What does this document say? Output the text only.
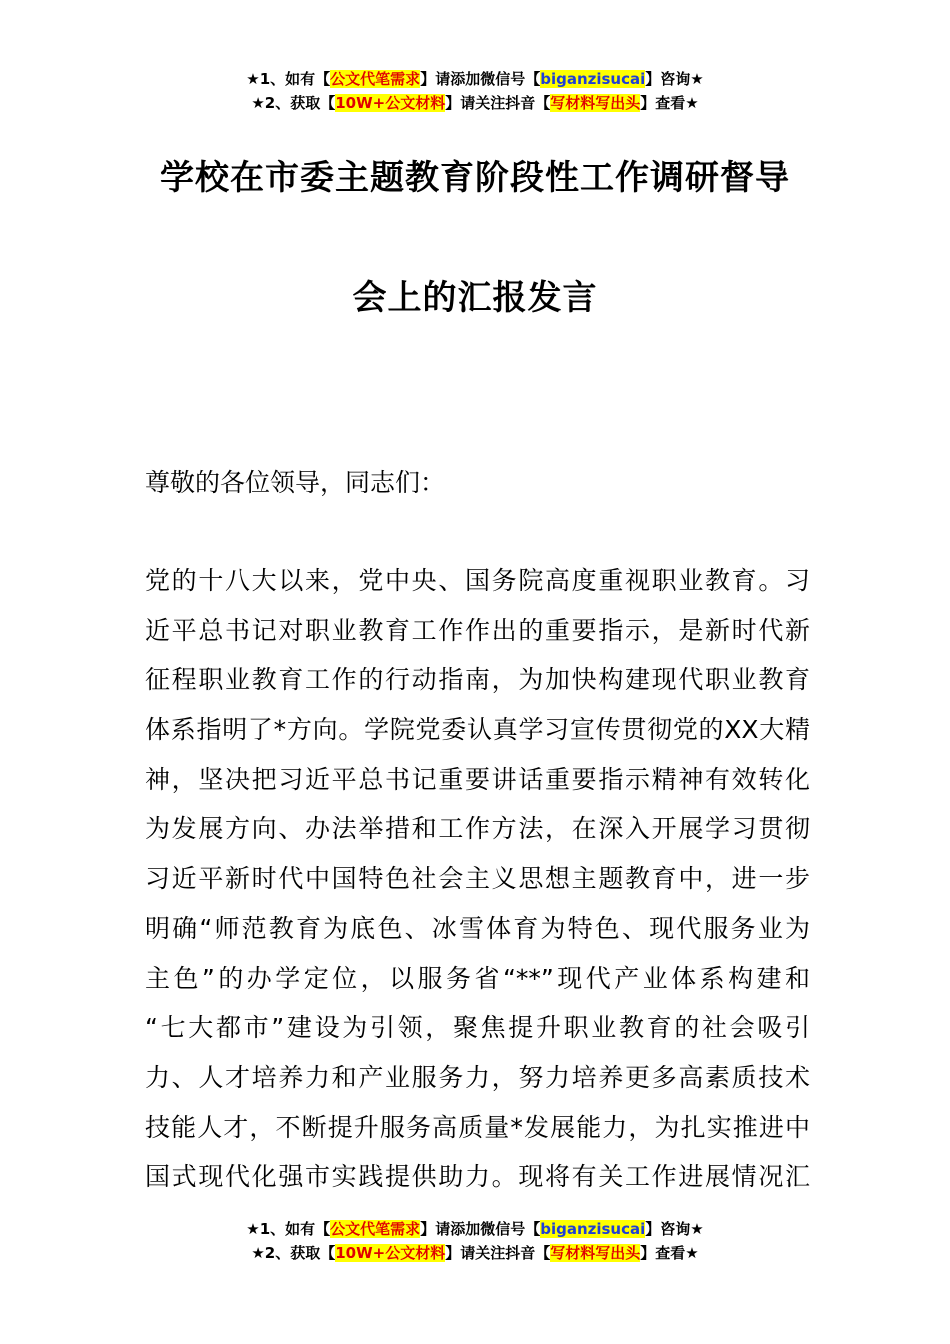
★1、如有【公文代笔需求】请添加微信号【biganzisucai】咨询★
★2、获取【10W+公文材料】请关注抖音【写材料写出头】查看★
学校在市委主题教育阶段性工作调研督导
会上的汇报发言
尊敬的各位领导，同志们：
党的十八大以来，党中央、国务院高度重视职业教育。习
近平总书记对职业教育工作作出的重要指示，是新时代新
征程职业教育工作的行动指南，为加快构建现代职业教育
体系指明了*方向。学院党委认真学习宣传贯彻党的XX大精
神，坚决把习近平总书记重要讲话重要指示精神有效转化
为发展方向、办法举措和工作方法，在深入开展学习贯彻
习近平新时代中国特色社会主义思想主题教育中，进一步
明确“师范教育为底色、冰雪体育为特色、现代服务业为
主色”的办学定位，以服务省“**”现代产业体系构建和
“七大都市”建设为引领，聚焦提升职业教育的社会吸引
力、人才培养力和产业服务力，努力培养更多高素质技术
技能人才，不断提升服务高质量*发展能力，为扎实推进中
国式现代化强市实践提供助力。现将有关工作进展情况汇
★1、如有【公文代笔需求】请添加微信号【biganzisucai】咨询★
★2、获取【10W+公文材料】请关注抖音【写材料写出头】查看★
